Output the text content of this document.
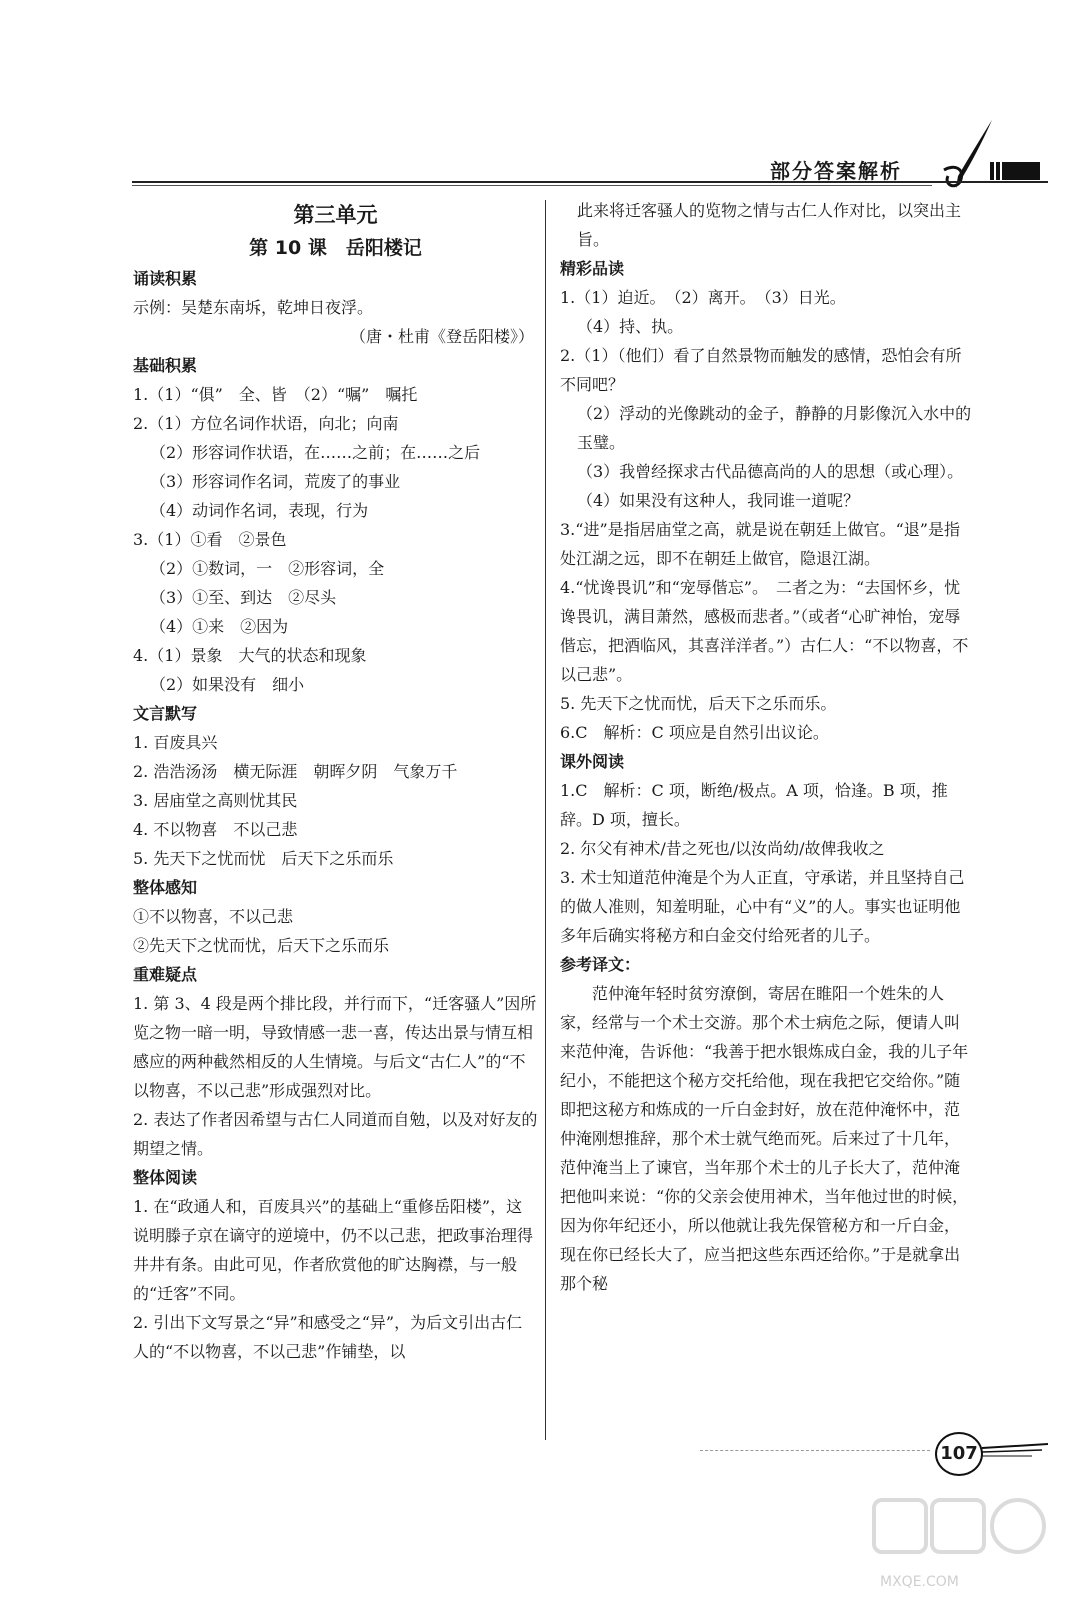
部分答案解析
第三单元
第 10 课　岳阳楼记
诵读积累
示例：吴楚东南坼，乾坤日夜浮。
（唐・杜甫《登岳阳楼》）
基础积累
1.（1）“俱”　全、皆　（2）“嘱”　嘱托
2.（1）方位名词作状语，向北；向南
（2）形容词作状语，在……之前；在……之后
（3）形容词作名词，荒废了的事业
（4）动词作名词，表现，行为
3.（1）①看　②景色
（2）①数词，一　②形容词，全
（3）①至、到达　②尽头
（4）①来　②因为
4.（1）景象　大气的状态和现象
（2）如果没有　细小
文言默写
1. 百废具兴
2. 浩浩汤汤　横无际涯　朝晖夕阴　气象万千
3. 居庙堂之高则忧其民
4. 不以物喜　不以己悲
5. 先天下之忧而忧　后天下之乐而乐
整体感知
①不以物喜，不以己悲
②先天下之忧而忧，后天下之乐而乐
重难疑点
1. 第 3、4 段是两个排比段，并行而下，“迁客骚人”因所览之物一暗一明，导致情感一悲一喜，传达出景与情互相感应的两种截然相反的人生情境。与后文“古仁人”的“不以物喜，不以己悲”形成强烈对比。
2. 表达了作者因希望与古仁人同道而自勉，以及对好友的期望之情。
整体阅读
1. 在“政通人和，百废具兴”的基础上“重修岳阳楼”，这说明滕子京在谪守的逆境中，仍不以己悲，把政事治理得井井有条。由此可见，作者欣赏他的旷达胸襟，与一般的“迁客”不同。
2. 引出下文写景之“异”和感受之“异”，为后文引出古仁人的“不以物喜，不以己悲”作铺垫，以
此来将迁客骚人的览物之情与古仁人作对比，以突出主旨。
精彩品读
1.（1）迫近。　（2）离开。　（3）日光。
（4）持、执。
2.（1）（他们）看了自然景物而触发的感情，恐怕会有所不同吧？
（2）浮动的光像跳动的金子，静静的月影像沉入水中的玉璧。
（3）我曾经探求古代品德高尚的人的思想（或心理）。
（4）如果没有这种人，我同谁一道呢？
3.“进”是指居庙堂之高，就是说在朝廷上做官。“退”是指处江湖之远，即不在朝廷上做官，隐退江湖。
4.“忧谗畏讥”和“宠辱偕忘”。　二者之为：“去国怀乡，忧谗畏讥，满目萧然，感极而悲者。”（或者“心旷神怡，宠辱偕忘，把酒临风，其喜洋洋者。”）古仁人：“不以物喜，不以己悲”。
5. 先天下之忧而忧，后天下之乐而乐。
6.C　解析：C 项应是自然引出议论。
课外阅读
1.C　解析：C 项，断绝/极点。A 项，恰逢。B 项，推辞。D 项，擅长。
2. 尔父有神术/昔之死也/以汝尚幼/故俾我收之
3. 术士知道范仲淹是个为人正直，守承诺，并且坚持自己的做人准则，知羞明耻，心中有“义”的人。事实也证明他多年后确实将秘方和白金交付给死者的儿子。
参考译文：
范仲淹年轻时贫穷潦倒，寄居在睢阳一个姓朱的人家，经常与一个术士交游。那个术士病危之际，便请人叫来范仲淹，告诉他：“我善于把水银炼成白金，我的儿子年纪小，不能把这个秘方交托给他，现在我把它交给你。”随即把这秘方和炼成的一斤白金封好，放在范仲淹怀中，范仲淹刚想推辞，那个术士就气绝而死。后来过了十几年，范仲淹当上了谏官，当年那个术士的儿子长大了，范仲淹把他叫来说：“你的父亲会使用神术，当年他过世的时候，因为你年纪还小，所以他就让我先保管秘方和一斤白金，现在你已经长大了，应当把这些东西还给你。”于是就拿出那个秘
107
MXQE.COM
